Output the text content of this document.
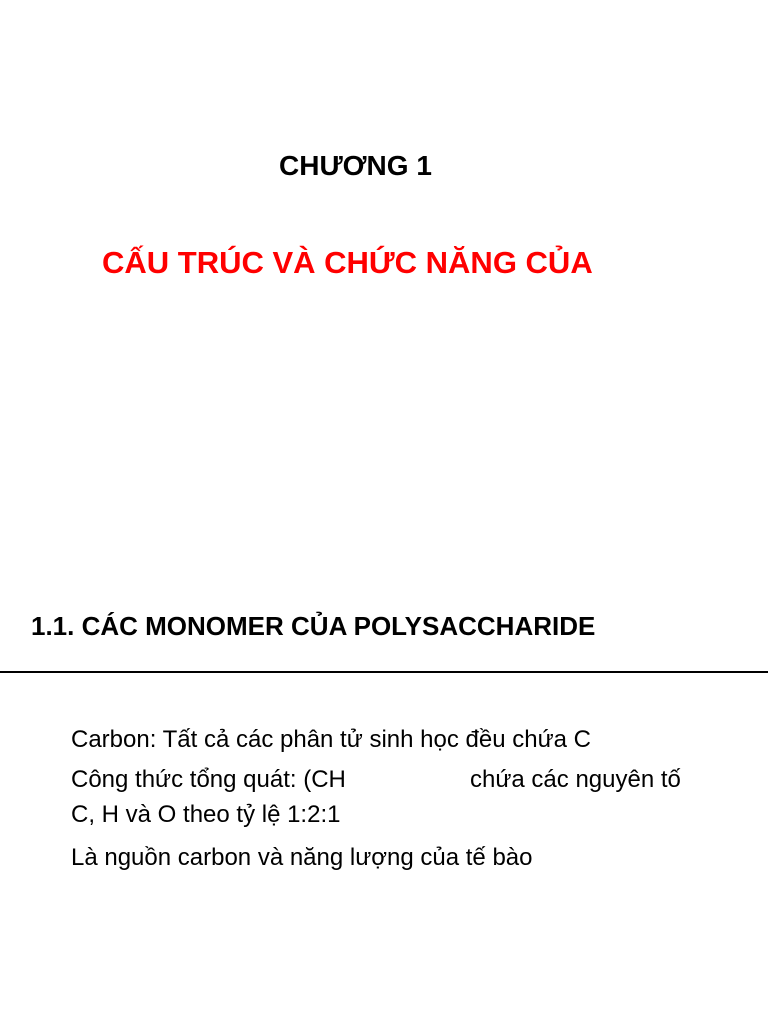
CHƯƠNG 1
CẤU TRÚC VÀ CHỨC NĂNG CỦA
1.1. CÁC MONOMER CỦA POLYSACCHARIDE
Carbon: Tất cả các phân tử sinh học đều chứa C
Công thức tổng quát: (CH	chứa các nguyên tố
C, H và O theo tỷ lệ 1:2:1
Là nguồn carbon và năng lượng của tế bào
